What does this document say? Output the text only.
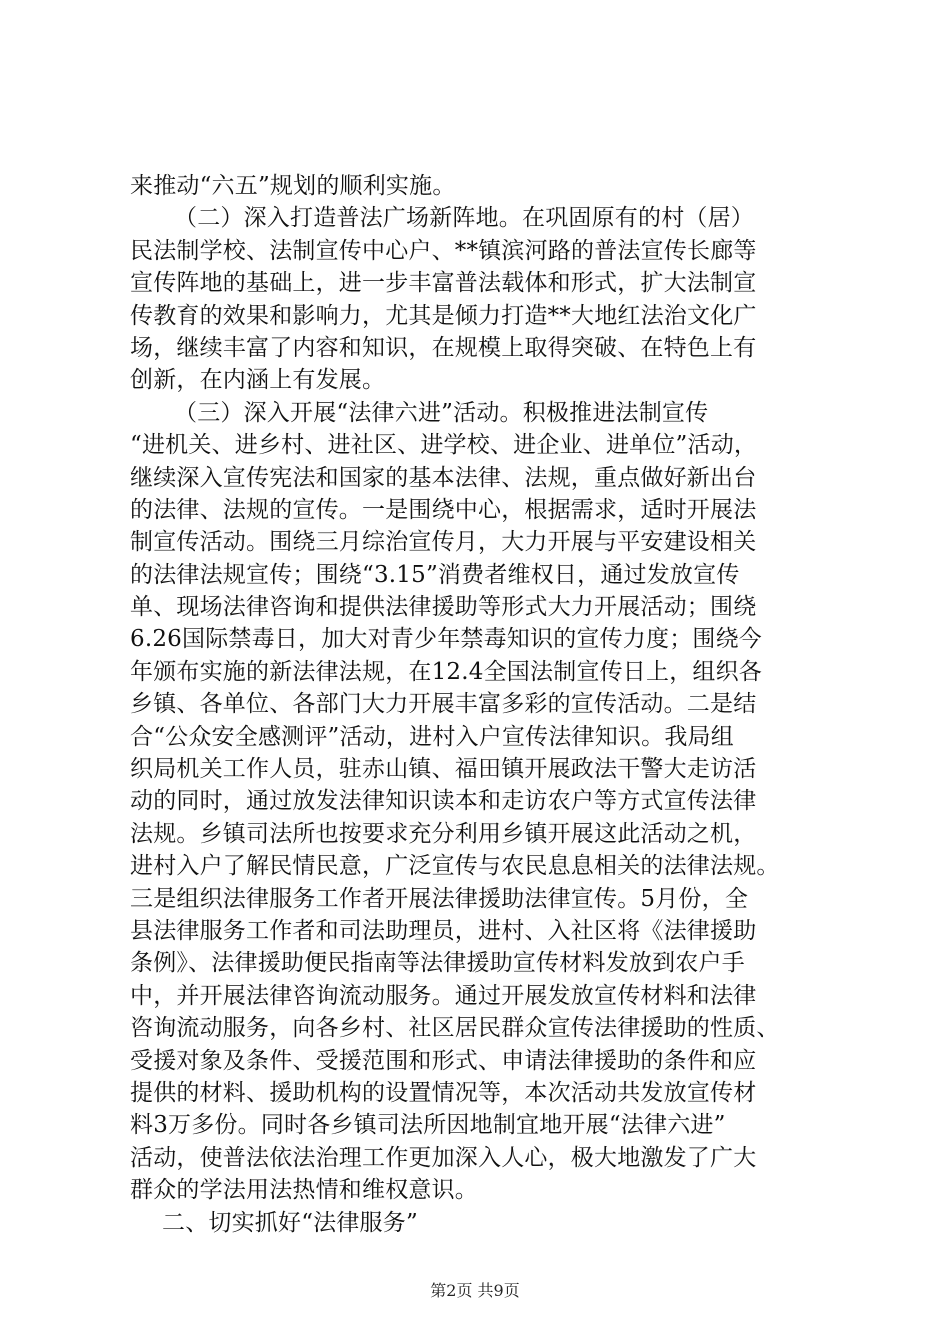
来推动“六五”规划的顺利实施。
（二）深入打造普法广场新阵地。在巩固原有的村（居）
民法制学校、法制宣传中心户、**镇滨河路的普法宣传长廊等
宣传阵地的基础上，进一步丰富普法载体和形式，扩大法制宣
传教育的效果和影响力，尤其是倾力打造**大地红法治文化广
场，继续丰富了内容和知识，在规模上取得突破、在特色上有
创新，在内涵上有发展。
（三）深入开展“法律六进”活动。积极推进法制宣传
“进机关、进乡村、进社区、进学校、进企业、进单位”活动，
继续深入宣传宪法和国家的基本法律、法规，重点做好新出台
的法律、法规的宣传。一是围绕中心，根据需求，适时开展法
制宣传活动。围绕三月综治宣传月，大力开展与平安建设相关
的法律法规宣传；围绕“3.15”消费者维权日，通过发放宣传
单、现场法律咨询和提供法律援助等形式大力开展活动；围绕
6.26国际禁毒日，加大对青少年禁毒知识的宣传力度；围绕今
年颁布实施的新法律法规，在12.4全国法制宣传日上，组织各
乡镇、各单位、各部门大力开展丰富多彩的宣传活动。二是结
合“公众安全感测评”活动，进村入户宣传法律知识。我局组
织局机关工作人员，驻赤山镇、福田镇开展政法干警大走访活
动的同时，通过放发法律知识读本和走访农户等方式宣传法律
法规。乡镇司法所也按要求充分利用乡镇开展这此活动之机，
进村入户了解民情民意，广泛宣传与农民息息相关的法律法规。
三是组织法律服务工作者开展法律援助法律宣传。5月份，全
县法律服务工作者和司法助理员，进村、入社区将《法律援助
条例》、法律援助便民指南等法律援助宣传材料发放到农户手
中，并开展法律咨询流动服务。通过开展发放宣传材料和法律
咨询流动服务，向各乡村、社区居民群众宣传法律援助的性质、
受援对象及条件、受援范围和形式、申请法律援助的条件和应
提供的材料、援助机构的设置情况等，本次活动共发放宣传材
料3万多份。同时各乡镇司法所因地制宜地开展“法律六进”
活动，使普法依法治理工作更加深入人心，极大地激发了广大
群众的学法用法热情和维权意识。
二、切实抓好“法律服务”
第2页 共9页
